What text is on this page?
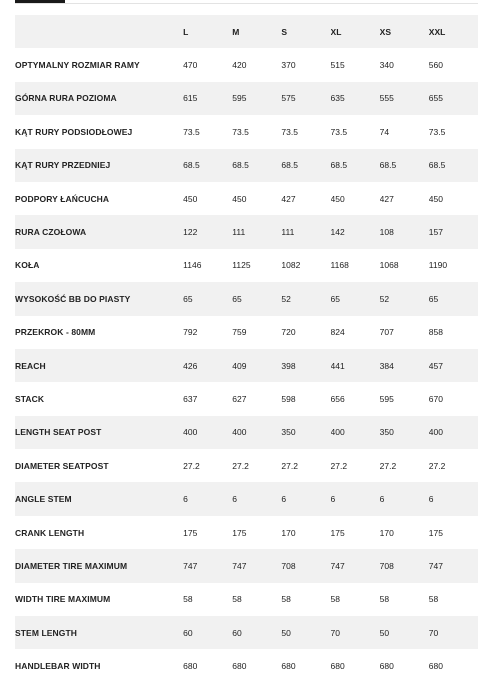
	L	M	S	XL	XS	XXL
OPTYMALNY ROZMIAR RAMY	470	420	370	515	340	560
GÓRNA RURA POZIOMA	615	595	575	635	555	655
KĄT RURY PODSIODŁOWEJ	73.5	73.5	73.5	73.5	74	73.5
KĄT RURY PRZEDNIEJ	68.5	68.5	68.5	68.5	68.5	68.5
PODPORY ŁAŃCUCHA	450	450	427	450	427	450
RURA CZOŁOWA	122	111	111	142	108	157
KOŁA	1146	1125	1082	1168	1068	1190
WYSOKOŚĆ BB DO PIASTY	65	65	52	65	52	65
PRZEKROK - 80MM	792	759	720	824	707	858
REACH	426	409	398	441	384	457
STACK	637	627	598	656	595	670
LENGTH SEAT POST	400	400	350	400	350	400
DIAMETER SEATPOST	27.2	27.2	27.2	27.2	27.2	27.2
ANGLE STEM	6	6	6	6	6	6
CRANK LENGTH	175	175	170	175	170	175
DIAMETER TIRE MAXIMUM	747	747	708	747	708	747
WIDTH TIRE MAXIMUM	58	58	58	58	58	58
STEM LENGTH	60	60	50	70	50	70
HANDLEBAR WIDTH	680	680	680	680	680	680
